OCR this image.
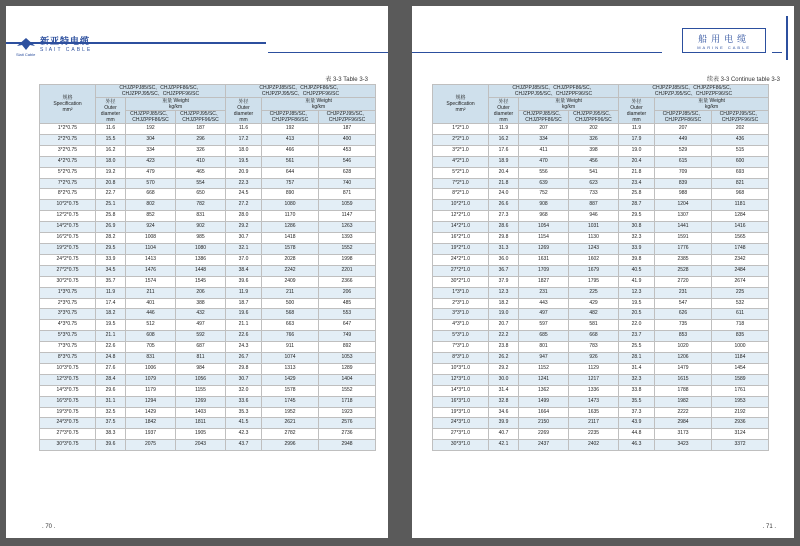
新亚特电缆
SIAIT CABLE
Siait Cable
表 3-3 Table 3-3
规格
Specification
mm²	CHJZPPJ85/SC、CHJZPPF86/SC、
CHJZPPJ95/SC、CHJZPPF96/SC			CHJPZPJ85/SC、CHJPZPF86/SC、
CHJPZPJ95/SC、CHJPZPF96/SC		
	外径
Outer
diameter
mm	重量 Weight
kg/km		外径
Outer
diameter
mm	重量 Weight
kg/km	
		CHJZPPJ85/SC、
CHJZPPF86/SC	CHJZPPJ95/SC、
CHJZPPF96/SC		CHJPZPJ85/SC、
CHJPZPF86/SC	CHJPZPJ95/SC、
CHJPZPF96/SC
1*2*0.75	11.6	192	187	11.6	192	187
2*2*0.75	15.5	304	296	17.2	413	400
3*2*0.75	16.2	334	326	18.0	466	453
4*2*0.75	18.0	423	410	19.5	561	546
5*2*0.75	19.2	479	465	20.9	644	628
7*2*0.75	20.8	570	554	22.3	757	740
8*2*0.75	22.7	668	650	24.5	890	871
10*2*0.75	25.1	802	782	27.2	1080	1059
12*2*0.75	25.8	852	831	28.0	1170	1147
14*2*0.75	26.9	924	902	29.2	1286	1263
16*2*0.75	28.2	1008	985	30.7	1418	1393
19*2*0.75	29.5	1104	1080	32.1	1578	1552
24*2*0.75	33.9	1413	1386	37.0	2028	1998
27*2*0.75	34.5	1476	1448	38.4	2242	2201
30*2*0.75	35.7	1574	1545	39.6	2409	2366
1*3*0.75	11.9	211	206	11.9	211	206
2*3*0.75	17.4	401	388	18.7	500	485
3*3*0.75	18.2	446	432	19.6	568	553
4*3*0.75	19.5	512	497	21.1	663	647
5*3*0.75	21.1	608	592	22.6	766	749
7*3*0.75	22.6	705	687	24.3	911	892
8*3*0.75	24.8	831	811	26.7	1074	1053
10*3*0.75	27.6	1006	984	29.8	1313	1289
12*3*0.75	28.4	1079	1056	30.7	1429	1404
14*3*0.75	29.6	1179	1155	32.0	1578	1552
16*3*0.75	31.1	1294	1269	33.6	1745	1718
19*3*0.75	32.5	1429	1403	35.3	1952	1923
24*3*0.75	37.5	1842	1811	41.5	2621	2576
27*3*0.75	38.3	1937	1905	42.3	2782	2736
30*3*0.75	39.6	2075	2043	43.7	2996	2948
. 70 .
船用电缆
MARINE CABLE
续表 3-3 Continue table 3-3
规格
Specification
mm²	CHJZPPJ85/SC、CHJZPPF86/SC、
CHJZPPJ95/SC、CHJZPPF96/SC			CHJPZPJ85/SC、CHJPZPF86/SC、
CHJPZPJ95/SC、CHJPZPF96/SC		
	外径
Outer
diameter
mm	重量 Weight
kg/km		外径
Outer
diameter
mm	重量 Weight
kg/km	
		CHJZPPJ85/SC、
CHJZPPF86/SC	CHJZPPJ95/SC、
CHJZPPF96/SC		CHJPZPJ85/SC、
CHJPZPF86/SC	CHJPZPJ95/SC、
CHJPZPF96/SC
1*2*1.0	11.9	207	202	11.9	207	202
2*2*1.0	16.2	334	326	17.9	449	436
3*2*1.0	17.6	411	398	19.0	529	515
4*2*1.0	18.9	470	456	20.4	615	600
5*2*1.0	20.4	556	541	21.8	709	693
7*2*1.0	21.8	639	623	23.4	839	821
8*2*1.0	24.0	752	733	25.8	988	968
10*2*1.0	26.6	908	887	28.7	1204	1181
12*2*1.0	27.3	968	946	29.5	1307	1284
14*2*1.0	28.6	1054	1031	30.8	1441	1416
16*2*1.0	29.8	1154	1130	32.3	1591	1565
19*2*1.0	31.3	1269	1243	33.9	1776	1748
24*2*1.0	36.0	1631	1602	39.8	2385	2342
27*2*1.0	36.7	1709	1679	40.5	2528	2484
30*2*1.0	37.9	1827	1795	41.9	2720	2674
1*3*1.0	12.3	231	225	12.3	231	225
2*3*1.0	18.2	443	429	19.5	547	532
3*3*1.0	19.0	497	482	20.5	626	611
4*3*1.0	20.7	597	581	22.0	735	718
5*3*1.0	22.2	685	668	23.7	853	835
7*3*1.0	23.8	801	783	25.5	1020	1000
8*3*1.0	26.2	947	926	28.1	1206	1184
10*3*1.0	29.2	1152	1129	31.4	1479	1454
12*3*1.0	30.0	1241	1217	32.3	1615	1589
14*3*1.0	31.4	1362	1336	33.8	1788	1761
16*3*1.0	32.8	1499	1473	35.5	1982	1953
19*3*1.0	34.6	1664	1635	37.3	2222	2192
24*3*1.0	39.9	2150	2117	43.9	2984	2936
27*3*1.0	40.7	2269	2235	44.8	3173	3124
30*3*1.0	42.1	2437	2402	46.3	3423	3372
. 71 .
